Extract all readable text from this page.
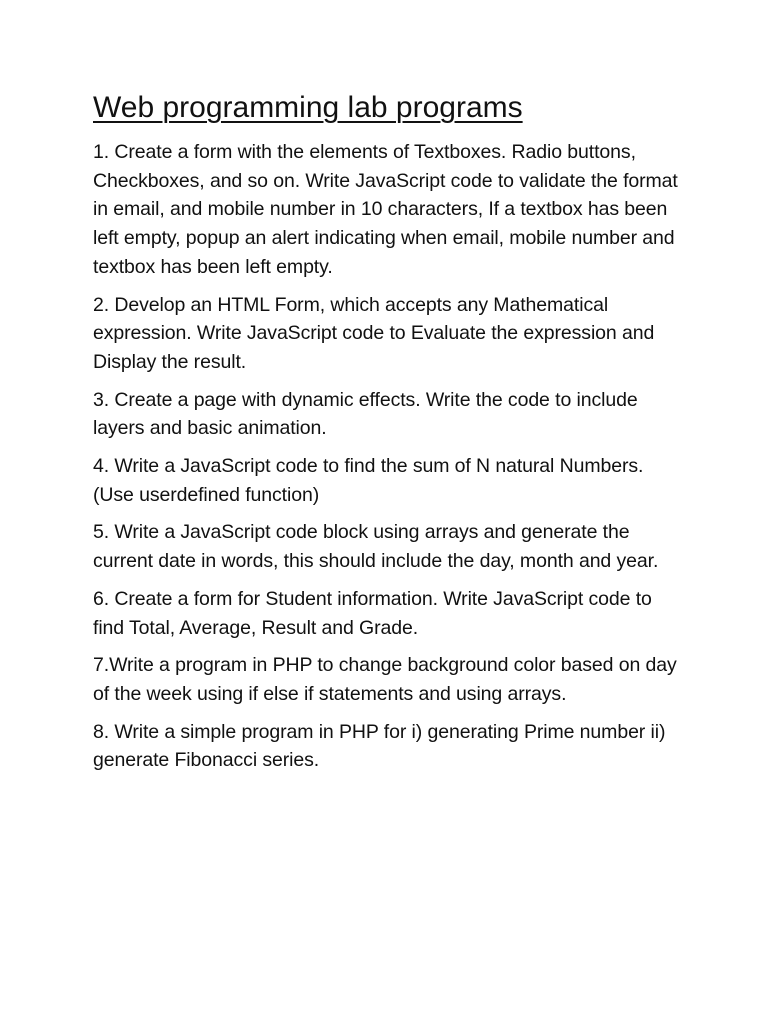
Web programming lab programs
1. Create a form with the elements of Textboxes. Radio buttons, Checkboxes, and so on. Write JavaScript code to validate the format in email, and mobile number in 10 characters, If a textbox has been left empty, popup an alert indicating when email, mobile number and textbox has been left empty.
2. Develop an HTML Form, which accepts any Mathematical expression. Write JavaScript code to Evaluate the expression and Display the result.
3. Create a page with dynamic effects. Write the code to include layers and basic animation.
4. Write a JavaScript code to find the sum of N natural Numbers. (Use userdefined function)
5. Write a JavaScript code block using arrays and generate the current date in words, this should include the day, month and year.
6. Create a form for Student information. Write JavaScript code to find Total, Average, Result and Grade.
7.Write a program in PHP to change background color based on day of the week using if else if statements and using arrays.
8. Write a simple program in PHP for i) generating Prime number ii) generate Fibonacci series.
